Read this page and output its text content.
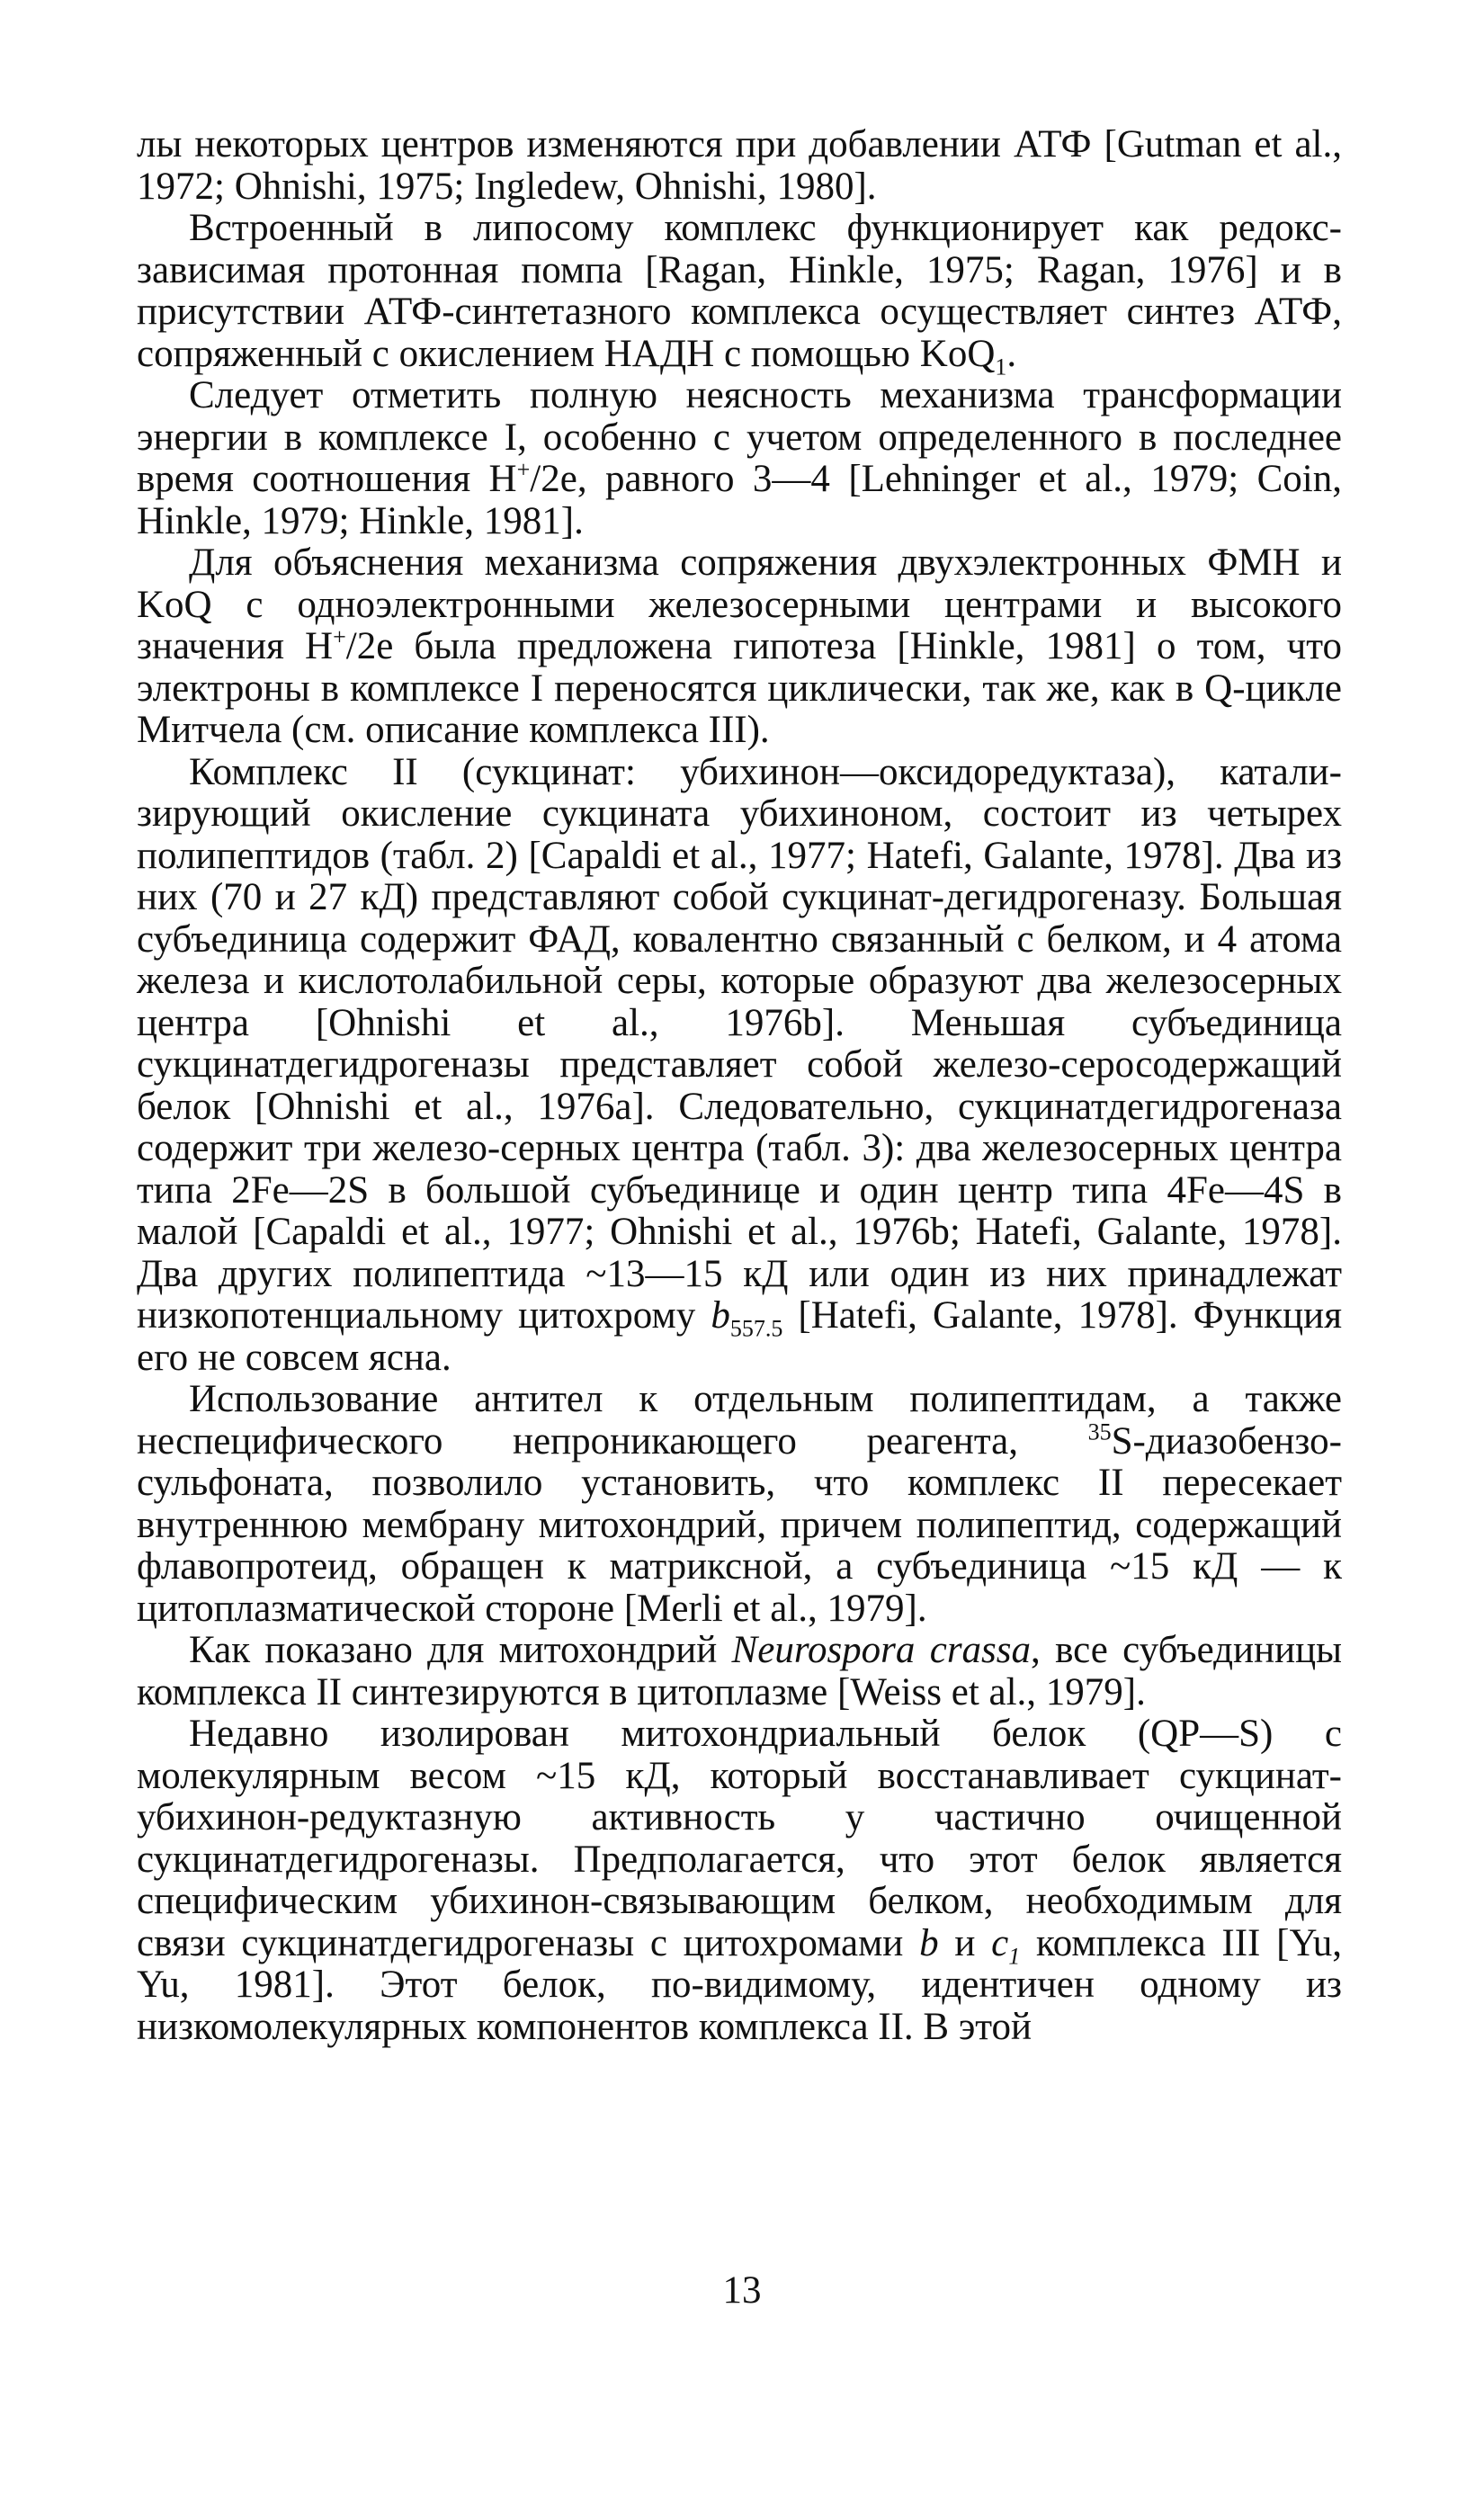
лы некоторых центров изменяются при добавлении АТФ [Gutman et al., 1972; Ohnishi, 1975; Ingledew, Ohnishi, 1980].

Встроенный в липосому комплекс функционирует как редокс-зависимая протонная помпа [Ragan, Hinkle, 1975; Ragan, 1976] и в присутствии АТФ-синтетазного комплекса осуществляет синтез АТФ, сопряженный с окислением НАДН с помощью KoQ$_1$.

Следует отметить полную неясность механизма трансформации энергии в комплексе I, особенно с учетом определенного в последнее время соотношения Н+/2е, равного 3—4 [Lehninger et al., 1979; Coin, Hinkle, 1979; Hinkle, 1981].

Для объяснения механизма сопряжения двухэлектронных ФМН и KoQ с одноэлектронными железосерными центрами и высокого значения Н+/2е была предложена гипотеза [Hinkle, 1981] о том, что электроны в комплексе I переносятся циклически, так же, как в Q-цикле Митчела (см. описание комплекса III).

Комплекс II (сукцинат: убихинон—оксидоредуктаза), катализирующий окисление сукцината убихиноном, состоит из четырех полипептидов (табл. 2) [Capaldi et al., 1977; Hatefi, Galante, 1978]. Два из них (70 и 27 кД) представляют собой сукцинат-дегидрогеназу. Большая субъединица содержит ФАД, ковалентно связанный с белком, и 4 атома железа и кислотолабильной серы, которые образуют два железосерных центра [Ohnishi et al., 1976b]. Меньшая субъединица сукцинатдегидрогеназы представляет собой железо-серосодержащий белок [Ohnishi et al., 1976a]. Следовательно, сукцинатдегидрогеназа содержит три железо-серных центра (табл. 3): два железосерных центра типа 2Fe—2S в большой субъединице и один центр типа 4Fe—4S в малой [Capaldi et al., 1977; Ohnishi et al., 1976b; Hatefi, Galante, 1978]. Два других полипептида ~13—15 кД или один из них принадлежат низкопотенциальному цитохрому $b_{557.5}$ [Hatefi, Galante, 1978]. Функция его не совсем ясна.

Использование антител к отдельным полипептидам, а также неспецифического непроникающего реагента, $^{35}$S-диазобензосульфоната, позволило установить, что комплекс II пересекает внутреннюю мембрану митохондрий, причем полипептид, содержащий флавопротеид, обращен к матриксной, а субъединица ~15 кД — к цитоплазматической стороне [Merli et al., 1979].

Как показано для митохондрий Neurospora crassa, все субъединицы комплекса II синтезируются в цитоплазме [Weiss et al., 1979].

Недавно изолирован митохондриальный белок (QP—S) с молекулярным весом ~15 кД, который восстанавливает сукцинат-убихинон-редуктазную активность у частично очищенной сукцинатдегидрогеназы. Предполагается, что этот белок является специфическим убихинон-связывающим белком, необходимым для связи сукцинатдегидрогеназы с цитохромами b и $c_1$ комплекса III [Yu, Yu, 1981]. Этот белок, по-видимому, идентичен одному из низкомолекулярных компонентов комплекса II. В этой

13
